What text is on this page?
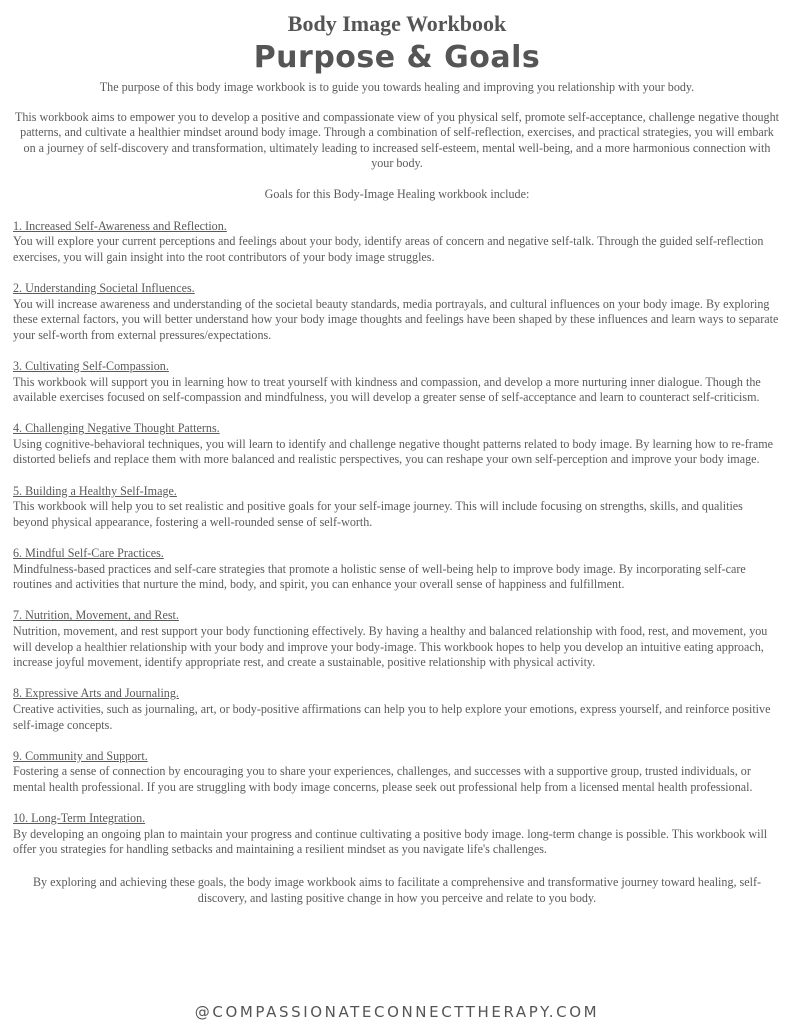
Body Image Workbook
Purpose & Goals

The purpose of this body image workbook is to guide you towards healing and improving you relationship with your body.

This workbook aims to empower you to develop a positive and compassionate view of you physical self, promote self-acceptance, challenge negative thought patterns, and cultivate a healthier mindset around body image. Through a combination of self-reflection, exercises, and practical strategies, you will embark on a journey of self-discovery and transformation, ultimately leading to increased self-esteem, mental well-being, and a more harmonious connection with your body.

Goals for this Body-Image Healing workbook include:

1. Increased Self-Awareness and Reflection.
You will explore your current perceptions and feelings about your body, identify areas of concern and negative self-talk. Through the guided self-reflection exercises, you will gain insight into the root contributors of your body image struggles.
2. Understanding Societal Influences.
You will increase awareness and understanding of the societal beauty standards, media portrayals, and cultural influences on your body image. By exploring these external factors, you will better understand how your body image thoughts and feelings have been shaped by these influences and learn ways to separate your self-worth from external pressures/expectations.
3. Cultivating Self-Compassion.
This workbook will support you in learning how to treat yourself with kindness and compassion, and develop a more nurturing inner dialogue. Though the available exercises focused on self-compassion and mindfulness, you will develop a greater sense of self-acceptance and learn to counteract self-criticism.
4. Challenging Negative Thought Patterns.
Using cognitive-behavioral techniques, you will learn to identify and challenge negative thought patterns related to body image. By learning how to re-frame distorted beliefs and replace them with more balanced and realistic perspectives, you can reshape your own self-perception and improve your body image.
5. Building a Healthy Self-Image.
This workbook will help you to set realistic and positive goals for your self-image journey. This will include focusing on strengths, skills, and qualities beyond physical appearance, fostering a well-rounded sense of self-worth.
6. Mindful Self-Care Practices.
Mindfulness-based practices and self-care strategies that promote a holistic sense of well-being help to improve body image. By incorporating self-care routines and activities that nurture the mind, body, and spirit, you can enhance your overall sense of happiness and fulfillment.
7. Nutrition, Movement, and Rest.
Nutrition, movement, and rest support your body functioning effectively. By having a healthy and balanced relationship with food, rest, and movement, you will develop a healthier relationship with your body and improve your body-image. This workbook hopes to help you develop an intuitive eating approach, increase joyful movement, identify appropriate rest, and create a sustainable, positive relationship with physical activity.
8. Expressive Arts and Journaling.
Creative activities, such as journaling, art, or body-positive affirmations can help you to help explore your emotions, express yourself, and reinforce positive self-image concepts.
9. Community and Support.
Fostering a sense of connection by encouraging you to share your experiences, challenges, and successes with a supportive group, trusted individuals, or mental health professional. If you are struggling with body image concerns, please seek out professional help from a licensed mental health professional.
10. Long-Term Integration.
By developing an ongoing plan to maintain your progress and continue cultivating a positive body image. long-term change is possible. This workbook will offer you strategies for handling setbacks and maintaining a resilient mindset as you navigate life's challenges.

By exploring and achieving these goals, the body image workbook aims to facilitate a comprehensive and transformative journey toward healing, self-discovery, and lasting positive change in how you perceive and relate to you body.

@COMPASSIONATECONNECTTHERAPY.COM
